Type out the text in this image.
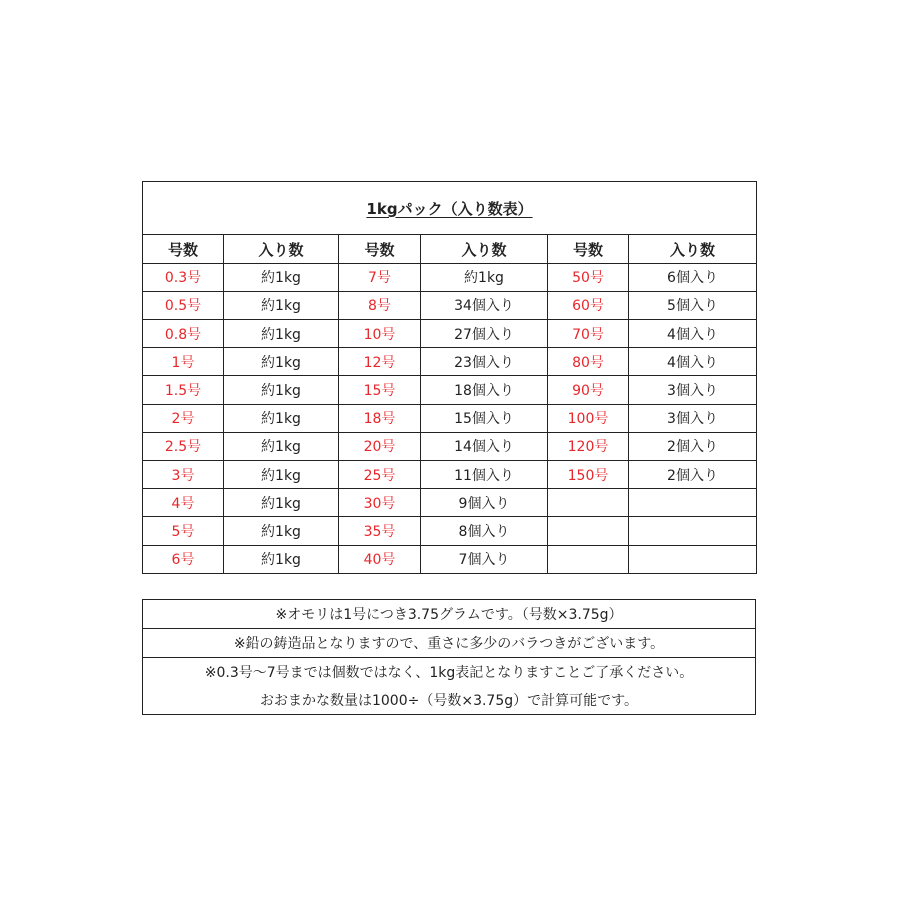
1kgパック（入り数表）					
号数	入り数	号数	入り数	号数	入り数
0.3号	約1kg	7号	約1kg	50号	6個入り
0.5号	約1kg	8号	34個入り	60号	5個入り
0.8号	約1kg	10号	27個入り	70号	4個入り
1号	約1kg	12号	23個入り	80号	4個入り
1.5号	約1kg	15号	18個入り	90号	3個入り
2号	約1kg	18号	15個入り	100号	3個入り
2.5号	約1kg	20号	14個入り	120号	2個入り
3号	約1kg	25号	11個入り	150号	2個入り
4号	約1kg	30号	9個入り		
5号	約1kg	35号	8個入り		
6号	約1kg	40号	7個入り		
※オモリは1号につき3.75グラムです。（号数×3.75g）
※鉛の鋳造品となりますので、重さに多少のバラつきがございます。
※0.3号〜7号までは個数ではなく、1kg表記となりますことご了承ください。
おおまかな数量は1000÷（号数×3.75g）で計算可能です。
